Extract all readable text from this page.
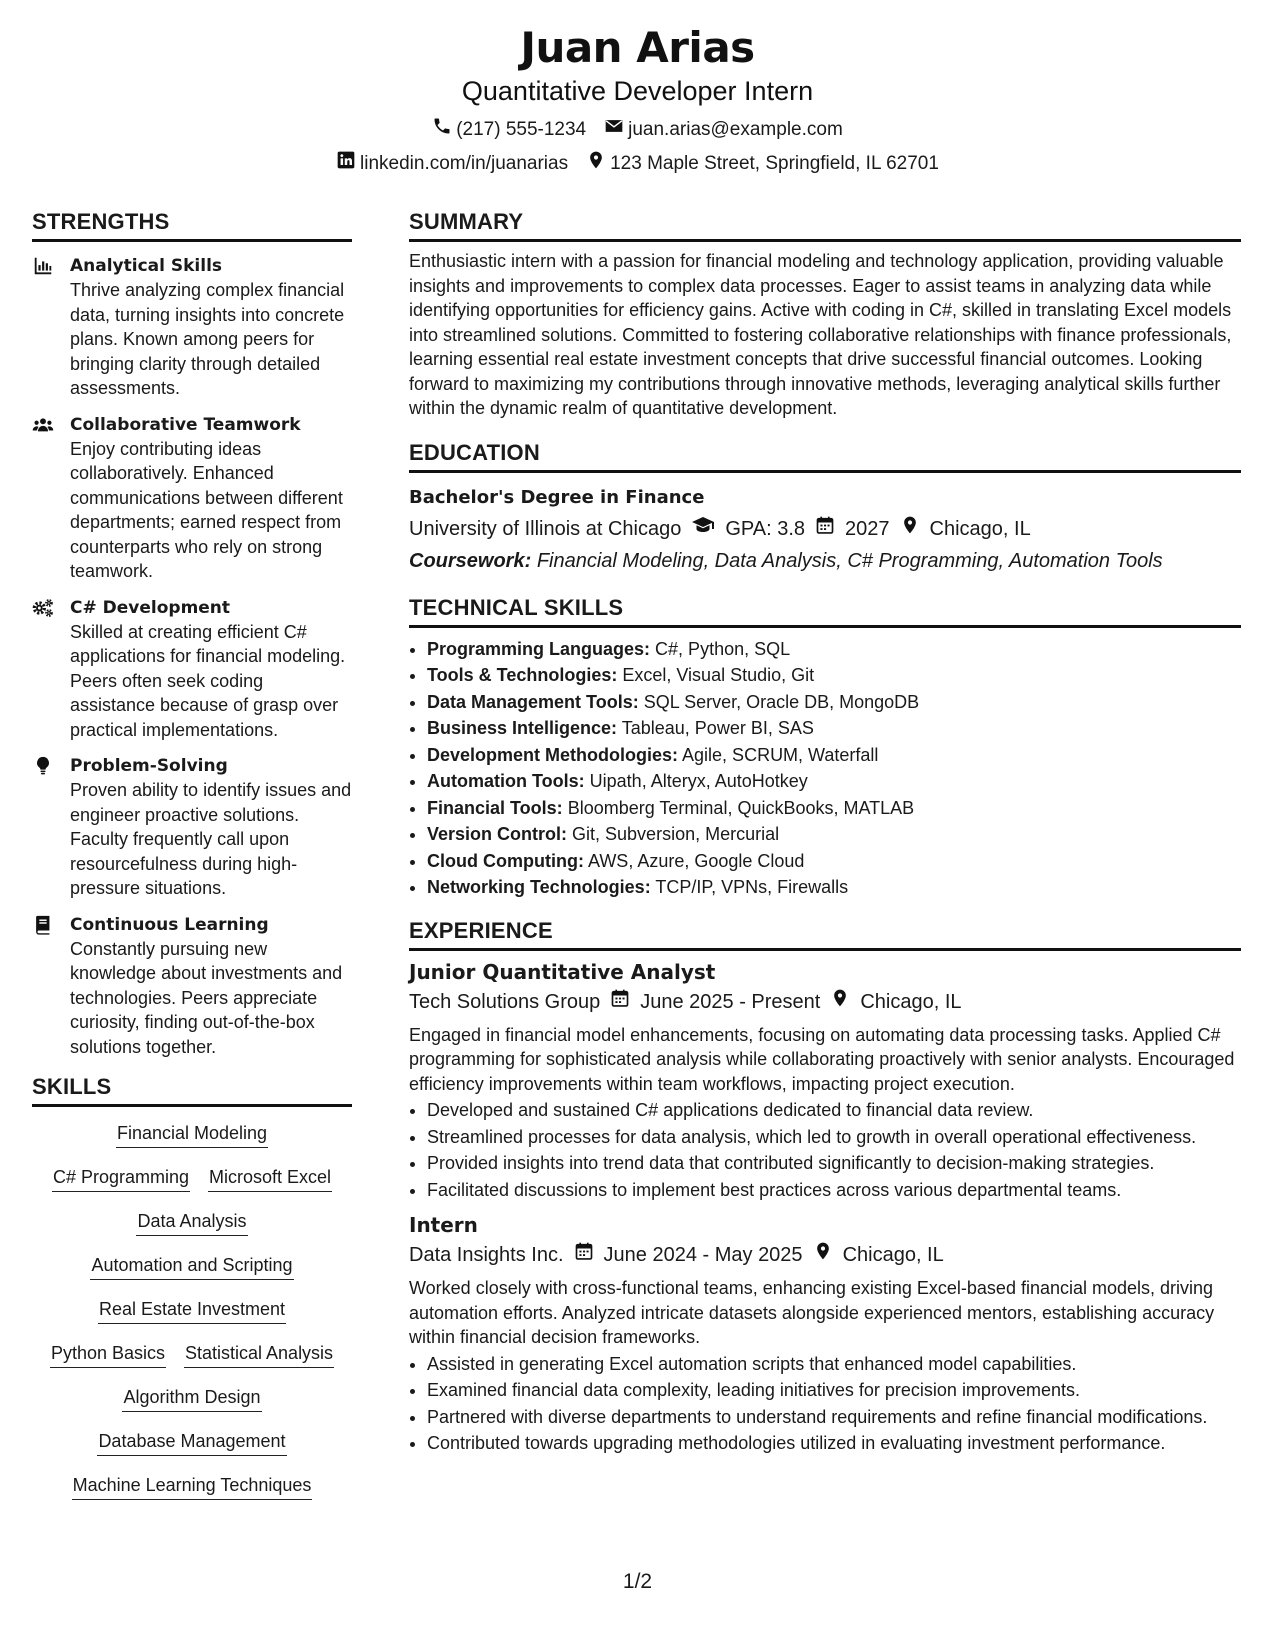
Juan Arias
Quantitative Developer Intern
(217) 555-1234 juan.arias@example.com
linkedin.com/in/juanarias 123 Maple Street, Springfield, IL 62701
STRENGTHS
Analytical Skills
Thrive analyzing complex financial data, turning insights into concrete plans. Known among peers for bringing clarity through detailed assessments.
Collaborative Teamwork
Enjoy contributing ideas collaboratively. Enhanced communications between different departments; earned respect from counterparts who rely on strong teamwork.
C# Development
Skilled at creating efficient C# applications for financial modeling. Peers often seek coding assistance because of grasp over practical implementations.
Problem-Solving
Proven ability to identify issues and engineer proactive solutions. Faculty frequently call upon resourcefulness during high-pressure situations.
Continuous Learning
Constantly pursuing new knowledge about investments and technologies. Peers appreciate curiosity, finding out-of-the-box solutions together.
SKILLS
Financial Modeling
C# Programming Microsoft Excel
Data Analysis
Automation and Scripting
Real Estate Investment
Python Basics Statistical Analysis
Algorithm Design
Database Management
Machine Learning Techniques
SUMMARY
Enthusiastic intern with a passion for financial modeling and technology application, providing valuable insights and improvements to complex data processes. Eager to assist teams in analyzing data while identifying opportunities for efficiency gains. Active with coding in C#, skilled in translating Excel models into streamlined solutions. Committed to fostering collaborative relationships with finance professionals, learning essential real estate investment concepts that drive successful financial outcomes. Looking forward to maximizing my contributions through innovative methods, leveraging analytical skills further within the dynamic realm of quantitative development.
EDUCATION
Bachelor's Degree in Finance
University of Illinois at Chicago GPA: 3.8 2027 Chicago, IL
Coursework: Financial Modeling, Data Analysis, C# Programming, Automation Tools
TECHNICAL SKILLS
• Programming Languages: C#, Python, SQL
• Tools & Technologies: Excel, Visual Studio, Git
• Data Management Tools: SQL Server, Oracle DB, MongoDB
• Business Intelligence: Tableau, Power BI, SAS
• Development Methodologies: Agile, SCRUM, Waterfall
• Automation Tools: Uipath, Alteryx, AutoHotkey
• Financial Tools: Bloomberg Terminal, QuickBooks, MATLAB
• Version Control: Git, Subversion, Mercurial
• Cloud Computing: AWS, Azure, Google Cloud
• Networking Technologies: TCP/IP, VPNs, Firewalls
EXPERIENCE
Junior Quantitative Analyst
Tech Solutions Group June 2025 - Present Chicago, IL
Engaged in financial model enhancements, focusing on automating data processing tasks. Applied C# programming for sophisticated analysis while collaborating proactively with senior analysts. Encouraged efficiency improvements within team workflows, impacting project execution.
• Developed and sustained C# applications dedicated to financial data review.
• Streamlined processes for data analysis, which led to growth in overall operational effectiveness.
• Provided insights into trend data that contributed significantly to decision-making strategies.
• Facilitated discussions to implement best practices across various departmental teams.
Intern
Data Insights Inc. June 2024 - May 2025 Chicago, IL
Worked closely with cross-functional teams, enhancing existing Excel-based financial models, driving automation efforts. Analyzed intricate datasets alongside experienced mentors, establishing accuracy within financial decision frameworks.
• Assisted in generating Excel automation scripts that enhanced model capabilities.
• Examined financial data complexity, leading initiatives for precision improvements.
• Partnered with diverse departments to understand requirements and refine financial modifications.
• Contributed towards upgrading methodologies utilized in evaluating investment performance.
1/2
